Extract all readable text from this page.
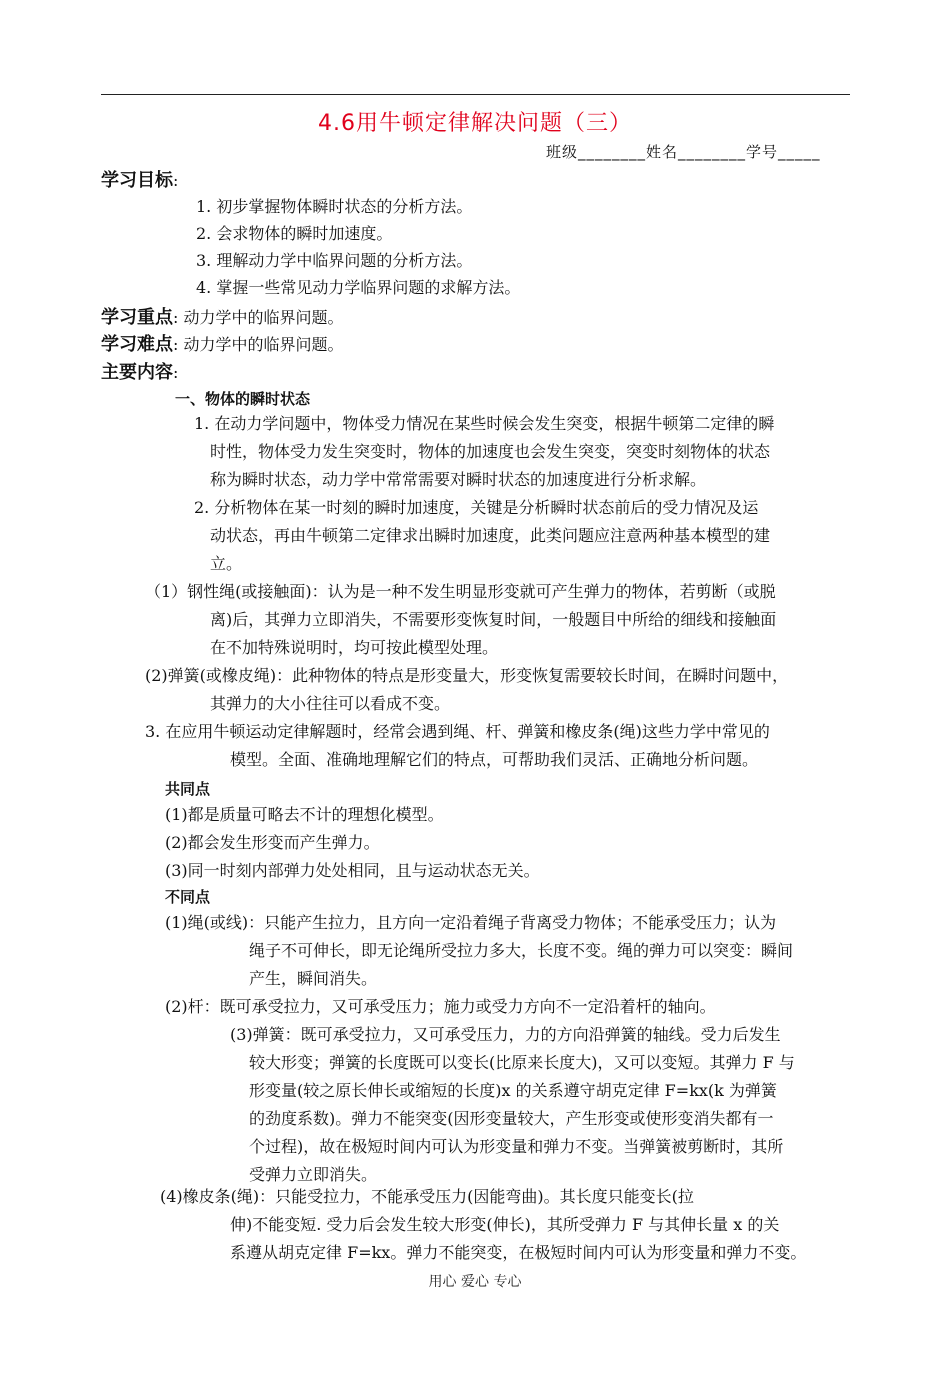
4.6用牛顿定律解决问题（三）
班级________姓名________学号_____
学习目标:
1. 初步掌握物体瞬时状态的分析方法。
2. 会求物体的瞬时加速度。
3. 理解动力学中临界问题的分析方法。
4. 掌握一些常见动力学临界问题的求解方法。
学习重点: 动力学中的临界问题。
学习难点: 动力学中的临界问题。
主要内容:
一、物体的瞬时状态
1. 在动力学问题中，物体受力情况在某些时候会发生突变，根据牛顿第二定律的瞬
时性，物体受力发生突变时，物体的加速度也会发生突变，突变时刻物体的状态
称为瞬时状态，动力学中常常需要对瞬时状态的加速度进行分析求解。
2. 分析物体在某一时刻的瞬时加速度，关键是分析瞬时状态前后的受力情况及运
动状态，再由牛顿第二定律求出瞬时加速度，此类问题应注意两种基本模型的建
立。
（1）钢性绳(或接触面)：认为是一种不发生明显形变就可产生弹力的物体，若剪断（或脱
离)后，其弹力立即消失，不需要形变恢复时间，一般题目中所给的细线和接触面
在不加特殊说明时，均可按此模型处理。
(2)弹簧(或橡皮绳)：此种物体的特点是形变量大，形变恢复需要较长时间，在瞬时问题中，
其弹力的大小往往可以看成不变。
3. 在应用牛顿运动定律解题时，经常会遇到绳、杆、弹簧和橡皮条(绳)这些力学中常见的
模型。全面、准确地理解它们的特点，可帮助我们灵活、正确地分析问题。
共同点
(1)都是质量可略去不计的理想化模型。
(2)都会发生形变而产生弹力。
(3)同一时刻内部弹力处处相同，且与运动状态无关。
不同点
(1)绳(或线)：只能产生拉力，且方向一定沿着绳子背离受力物体；不能承受压力；认为
绳子不可伸长，即无论绳所受拉力多大，长度不变。绳的弹力可以突变：瞬间
产生，瞬间消失。
(2)杆：既可承受拉力，又可承受压力；施力或受力方向不一定沿着杆的轴向。
(3)弹簧：既可承受拉力，又可承受压力，力的方向沿弹簧的轴线。受力后发生
较大形变；弹簧的长度既可以变长(比原来长度大)，又可以变短。其弹力 F 与
形变量(较之原长伸长或缩短的长度)x 的关系遵守胡克定律 F=kx(k 为弹簧
的劲度系数)。弹力不能突变(因形变量较大，产生形变或使形变消失都有一
个过程)，故在极短时间内可认为形变量和弹力不变。当弹簧被剪断时，其所
受弹力立即消失。
(4)橡皮条(绳)：只能受拉力，不能承受压力(因能弯曲)。其长度只能变长(拉
伸)不能变短. 受力后会发生较大形变(伸长)，其所受弹力 F 与其伸长量 x 的关
系遵从胡克定律 F=kx。弹力不能突变，在极短时间内可认为形变量和弹力不变。
用心 爱心 专心
